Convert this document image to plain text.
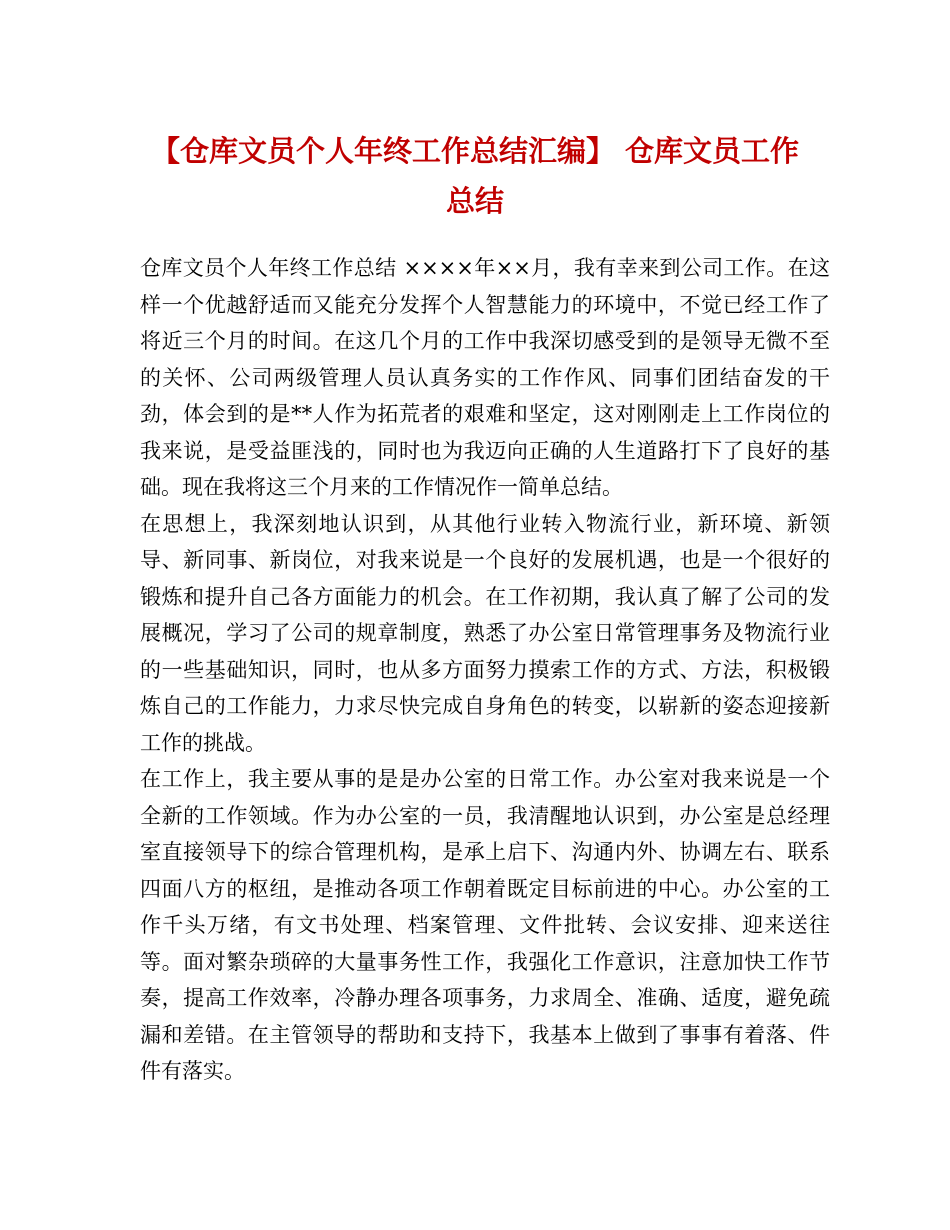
【仓库文员个人年终工作总结汇编】 仓库文员工作总结

仓库文员个人年终工作总结 ××××年××月，我有幸来到公司工作。在这样一个优越舒适而又能充分发挥个人智慧能力的环境中，不觉已经工作了将近三个月的时间。在这几个月的工作中我深切感受到的是领导无微不至的关怀、公司两级管理人员认真务实的工作作风、同事们团结奋发的干劲，体会到的是**人作为拓荒者的艰难和坚定，这对刚刚走上工作岗位的我来说，是受益匪浅的，同时也为我迈向正确的人生道路打下了良好的基础。现在我将这三个月来的工作情况作一简单总结。

在思想上，我深刻地认识到，从其他行业转入物流行业，新环境、新领导、新同事、新岗位，对我来说是一个良好的发展机遇，也是一个很好的锻炼和提升自己各方面能力的机会。在工作初期，我认真了解了公司的发展概况，学习了公司的规章制度，熟悉了办公室日常管理事务及物流行业的一些基础知识，同时，也从多方面努力摸索工作的方式、方法，积极锻炼自己的工作能力，力求尽快完成自身角色的转变，以崭新的姿态迎接新工作的挑战。

在工作上，我主要从事的是是办公室的日常工作。办公室对我来说是一个全新的工作领域。作为办公室的一员，我清醒地认识到，办公室是总经理室直接领导下的综合管理机构，是承上启下、沟通内外、协调左右、联系四面八方的枢纽，是推动各项工作朝着既定目标前进的中心。办公室的工作千头万绪，有文书处理、档案管理、文件批转、会议安排、迎来送往等。面对繁杂琐碎的大量事务性工作，我强化工作意识，注意加快工作节奏，提高工作效率，冷静办理各项事务，力求周全、准确、适度，避免疏漏和差错。在主管领导的帮助和支持下，我基本上做到了事事有着落、件件有落实。
